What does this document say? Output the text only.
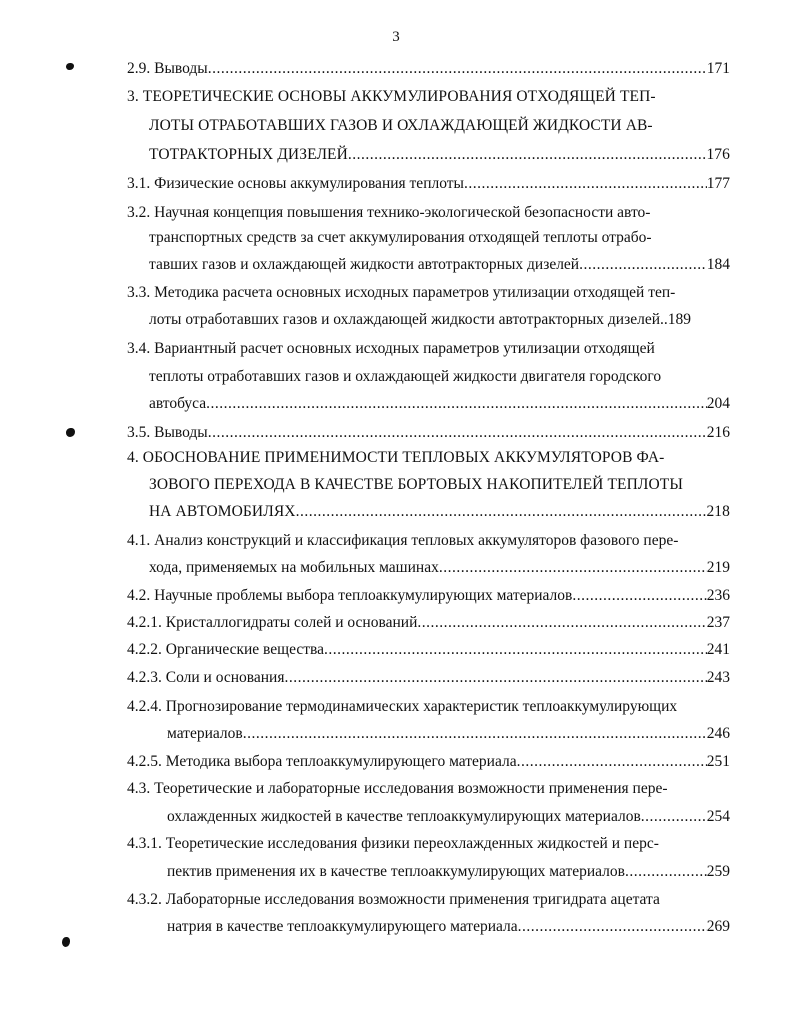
3
2.9. Выводы .....	171
3. ТЕОРЕТИЧЕСКИЕ ОСНОВЫ АККУМУЛИРОВАНИЯ ОТХОДЯЩЕЙ ТЕП-
ЛОТЫ ОТРАБОТАВШИХ ГАЗОВ И ОХЛАЖДАЮЩЕЙ ЖИДКОСТИ АВ-
ТОТРАКТОРНЫХ ДИЗЕЛЕЙ .....	176
3.1. Физические основы аккумулирования теплоты .....	177
3.2. Научная концепция повышения технико-экологической безопасности авто-
транспортных средств за счет аккумулирования отходящей теплоты отрабо-
тавших газов и охлаждающей жидкости автотракторных дизелей .....	184
3.3. Методика расчета основных исходных параметров утилизации отходящей теп-
лоты отработавших газов и охлаждающей жидкости автотракторных дизелей.. 189
3.4. Вариантный расчет основных исходных параметров утилизации отходящей
теплоты отработавших газов и охлаждающей жидкости двигателя городского
автобуса .....	204
3.5. Выводы .....	216
4. ОБОСНОВАНИЕ ПРИМЕНИМОСТИ ТЕПЛОВЫХ АККУМУЛЯТОРОВ ФА-
ЗОВОГО ПЕРЕХОДА В КАЧЕСТВЕ БОРТОВЫХ НАКОПИТЕЛЕЙ ТЕПЛОТЫ
НА АВТОМОБИЛЯХ .....	218
4.1. Анализ конструкций и классификация тепловых аккумуляторов фазового пере-
хода, применяемых на мобильных машинах .....	219
4.2. Научные проблемы выбора теплоаккумулирующих материалов .....	236
4.2.1. Кристаллогидраты солей и оснований .....	237
4.2.2. Органические вещества .....	241
4.2.3. Соли и основания .....	243
4.2.4. Прогнозирование термодинамических характеристик теплоаккумулирующих
материалов .....	246
4.2.5. Методика выбора теплоаккумулирующего материала .....	251
4.3. Теоретические и лабораторные исследования возможности применения пере-
охлажденных жидкостей в качестве теплоаккумулирующих материалов .....	254
4.3.1. Теоретические исследования физики переохлажденных жидкостей и перс-
пектив применения их в качестве теплоаккумулирующих материалов .....	259
4.3.2. Лабораторные исследования возможности применения тригидрата ацетата
натрия в качестве теплоаккумулирующего материала .....	269
